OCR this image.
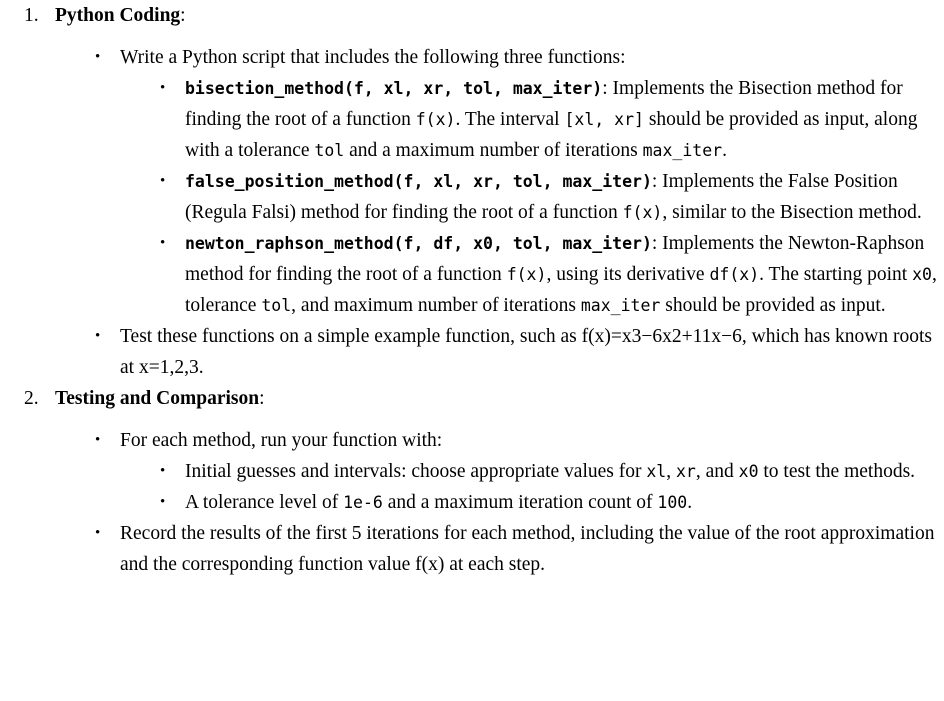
1. Python Coding:
• Write a Python script that includes the following three functions:
• bisection_method(f, xl, xr, tol, max_iter): Implements the Bisection method for finding the root of a function f(x). The interval [xl, xr] should be provided as input, along with a tolerance tol and a maximum number of iterations max_iter.
• false_position_method(f, xl, xr, tol, max_iter): Implements the False Position (Regula Falsi) method for finding the root of a function f(x), similar to the Bisection method.
• newton_raphson_method(f, df, x0, tol, max_iter): Implements the Newton-Raphson method for finding the root of a function f(x), using its derivative df(x). The starting point x0, tolerance tol, and maximum number of iterations max_iter should be provided as input.
• Test these functions on a simple example function, such as f(x)=x3−6x2+11x−6, which has known roots at x=1,2,3.
2. Testing and Comparison:
• For each method, run your function with:
• Initial guesses and intervals: choose appropriate values for xl, xr, and x0 to test the methods.
• A tolerance level of 1e-6 and a maximum iteration count of 100.
• Record the results of the first 5 iterations for each method, including the value of the root approximation and the corresponding function value f(x) at each step.
